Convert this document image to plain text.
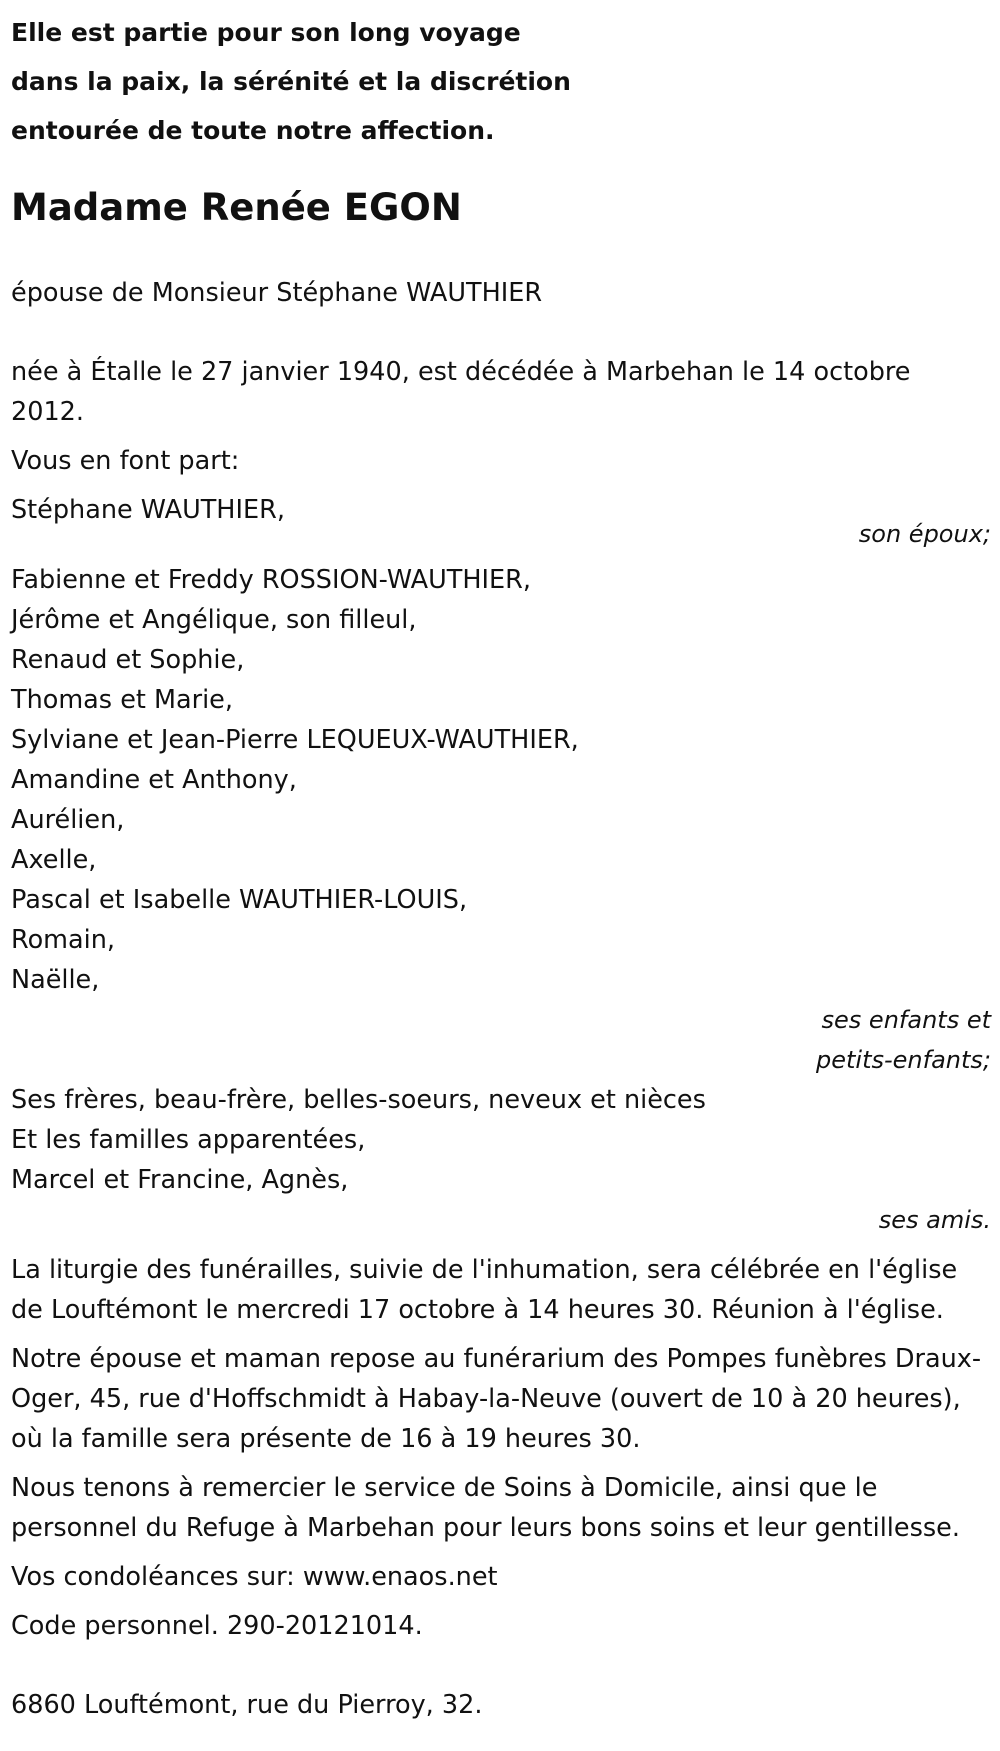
Elle est partie pour son long voyage
dans la paix, la sérénité et la discrétion
entourée de toute notre affection.
Madame Renée EGON

épouse de Monsieur Stéphane WAUTHIER

née à Étalle le 27 janvier 1940, est décédée à Marbehan le 14 octobre 2012.

Vous en font part:

Stéphane WAUTHIER,

son époux;

Fabienne et Freddy ROSSION-WAUTHIER,

Jérôme et Angélique, son filleul,

Renaud et Sophie,

Thomas et Marie,

Sylviane et Jean-Pierre LEQUEUX-WAUTHIER,

Amandine et Anthony,

Aurélien,

Axelle,

Pascal et Isabelle WAUTHIER-LOUIS,

Romain,

Naëlle,

ses enfants et
petits-enfants;

Ses frères, beau-frère, belles-soeurs, neveux et nièces

Et les familles apparentées,

Marcel et Francine, Agnès,

ses amis.

La liturgie des funérailles, suivie de l'inhumation, sera célébrée en l'église de Louftémont le mercredi 17 octobre à 14 heures 30. Réunion à l'église.

Notre épouse et maman repose au funérarium des Pompes funèbres Draux-Oger, 45, rue d'Hoffschmidt à Habay-la-Neuve (ouvert de 10 à 20 heures), où la famille sera présente de 16 à 19 heures 30.

Nous tenons à remercier le service de Soins à Domicile, ainsi que le personnel du Refuge à Marbehan pour leurs bons soins et leur gentillesse.

Vos condoléances sur: www.enaos.net

Code personnel. 290-20121014.

6860 Louftémont, rue du Pierroy, 32.
